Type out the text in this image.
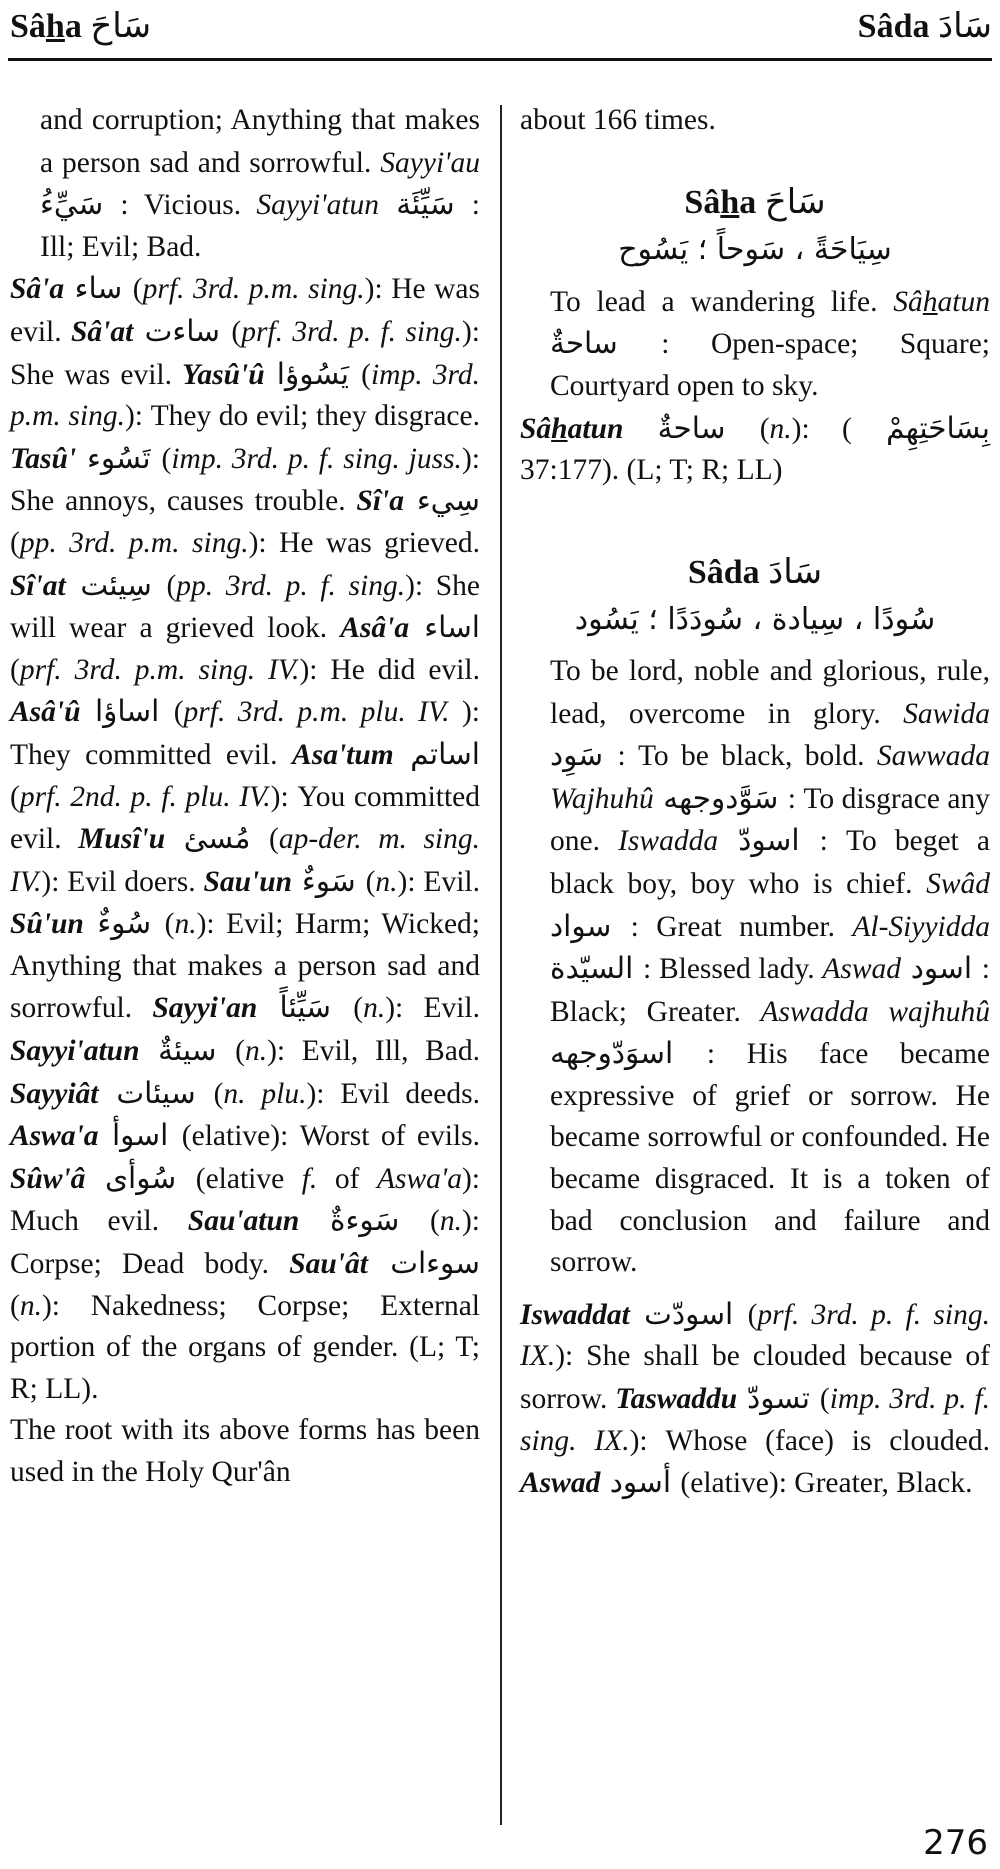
Sâha سَاحَ	Sâda سَادَ

and corruption; Anything that makes a person sad and sorrowful. Sayyi'au سَيِّءُ : Vicious. Sayyi'atun سَيِّئَة : Ill; Evil; Bad.

Sâ'a ساء (prf. 3rd. p.m. sing.): He was evil. Sâ'at ساءت (prf. 3rd. p. f. sing.): She was evil. Yasû'û يَسُوؤا (imp. 3rd. p.m. sing.): They do evil; they disgrace. Tasû' تَسُوء (imp. 3rd. p. f. sing. juss.): She annoys, causes trouble. Sî'a سِيء (pp. 3rd. p.m. sing.): He was grieved. Sî'at سِيئت (pp. 3rd. p. f. sing.): She will wear a grieved look. Asâ'a اساء (prf. 3rd. p.m. sing. IV.): He did evil. Asâ'û اساؤا (prf. 3rd. p.m. plu. IV. ): They committed evil. Asa'tum اساتم (prf. 2nd. p. f. plu. IV.): You committed evil. Musî'u مُسئ (ap-der. m. sing. IV.): Evil doers. Sau'un سَوءٌ (n.): Evil. Sû'un سُوءٌ (n.): Evil; Harm; Wicked; Anything that makes a person sad and sorrowful. Sayyi'an سَيِّئاً (n.): Evil. Sayyi'atun سيئةٌ (n.): Evil, Ill, Bad. Sayyiât سيئات (n. plu.): Evil deeds. Aswa'a اسوأ (elative): Worst of evils. Sûw'â سُوأى (elative f. of Aswa'a): Much evil. Sau'atun سَوءةٌ (n.): Corpse; Dead body. Sau'ât سوءات (n.): Nakedness; Corpse; External portion of the organs of gender. (L; T; R; LL).

The root with its above forms has been used in the Holy Qur'ân

about 166 times.

Sâha سَاحَ
سِيَاحَةً ، سَوحاً ؛ يَسُوح

To lead a wandering life. Sâhatun ساحةٌ : Open-space; Square; Courtyard open to sky.

Sâhatun ساحةٌ (n.): ( بِسَاحَتِهِمْ 37:177). (L; T; R; LL)

Sâda سَادَ
سُودًا ، سِيادة ، سُودَدًا ؛ يَسُود

To be lord, noble and glorious, rule, lead, overcome in glory. Sawida سَوِد : To be black, bold. Sawwada Wajhuhû سَوَّدوجهه : To disgrace any one. Iswadda اسودّ : To beget a black boy, boy who is chief. Swâd سواد : Great number. Al-Siyyidda السيّدة : Blessed lady. Aswad اسود : Black; Greater. Aswadda wajhuhû اسوَدّوجهه : His face became expressive of grief or sorrow. He became sorrowful or confounded. He became disgraced. It is a token of bad conclusion and failure and sorrow.

Iswaddat اسودّت (prf. 3rd. p. f. sing. IX.): She shall be clouded because of sorrow. Taswaddu تسودّ (imp. 3rd. p. f. sing. IX.): Whose (face) is clouded. Aswad أسود (elative): Greater, Black.

276
